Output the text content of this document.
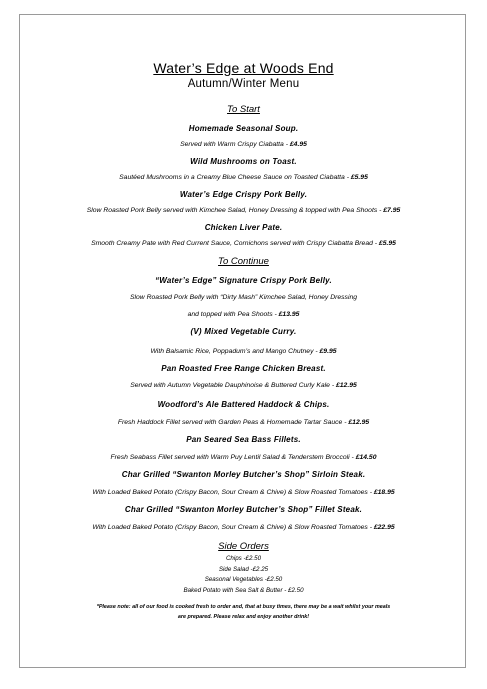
Water’s Edge at Woods End
Autumn/Winter Menu
To Start
Homemade Seasonal Soup.
Served with Warm Crispy Ciabatta - £4.95
Wild Mushrooms on Toast.
Sautéed Mushrooms in a Creamy Blue Cheese Sauce on Toasted Ciabatta - £5.95
Water’s Edge Crispy Pork Belly.
Slow Roasted Pork Belly served with Kimchee Salad, Honey Dressing & topped with Pea Shoots - £7.95
Chicken Liver Pate.
Smooth Creamy Pate with Red Current Sauce, Cornichons served with Crispy Ciabatta Bread - £5.95
To Continue
“Water’s Edge” Signature Crispy Pork Belly.
Slow Roasted Pork Belly with “Dirty Mash” Kimchee Salad, Honey Dressing
and topped with Pea Shoots - £13.95
(V) Mixed Vegetable Curry.
With Balsamic Rice, Poppadum’s and Mango Chutney - £9.95
Pan Roasted Free Range Chicken Breast.
Served with Autumn Vegetable Dauphinoise & Buttered Curly Kale - £12.95
Woodford’s Ale Battered Haddock & Chips.
Fresh Haddock Fillet served with Garden Peas & Homemade Tartar Sauce - £12.95
Pan Seared Sea Bass Fillets.
Fresh Seabass Fillet served with Warm Puy Lentil Salad & Tenderstem Broccoli - £14.50
Char Grilled “Swanton Morley Butcher’s Shop” Sirloin Steak.
With Loaded Baked Potato (Crispy Bacon, Sour Cream & Chive) & Slow Roasted Tomatoes - £18.95
Char Grilled “Swanton Morley Butcher’s Shop” Fillet Steak.
With Loaded Baked Potato (Crispy Bacon, Sour Cream & Chive) & Slow Roasted Tomatoes - £22.95
Side Orders
Chips -£2.50
Side Salad -£2.25
Seasonal Vegetables -£2.50
Baked Potato with Sea Salt & Butter - £2.50
*Please note: all of our food is cooked fresh to order and, that at busy times, there may be a wait whilst your meals
are prepared. Please relax and enjoy another drink!
